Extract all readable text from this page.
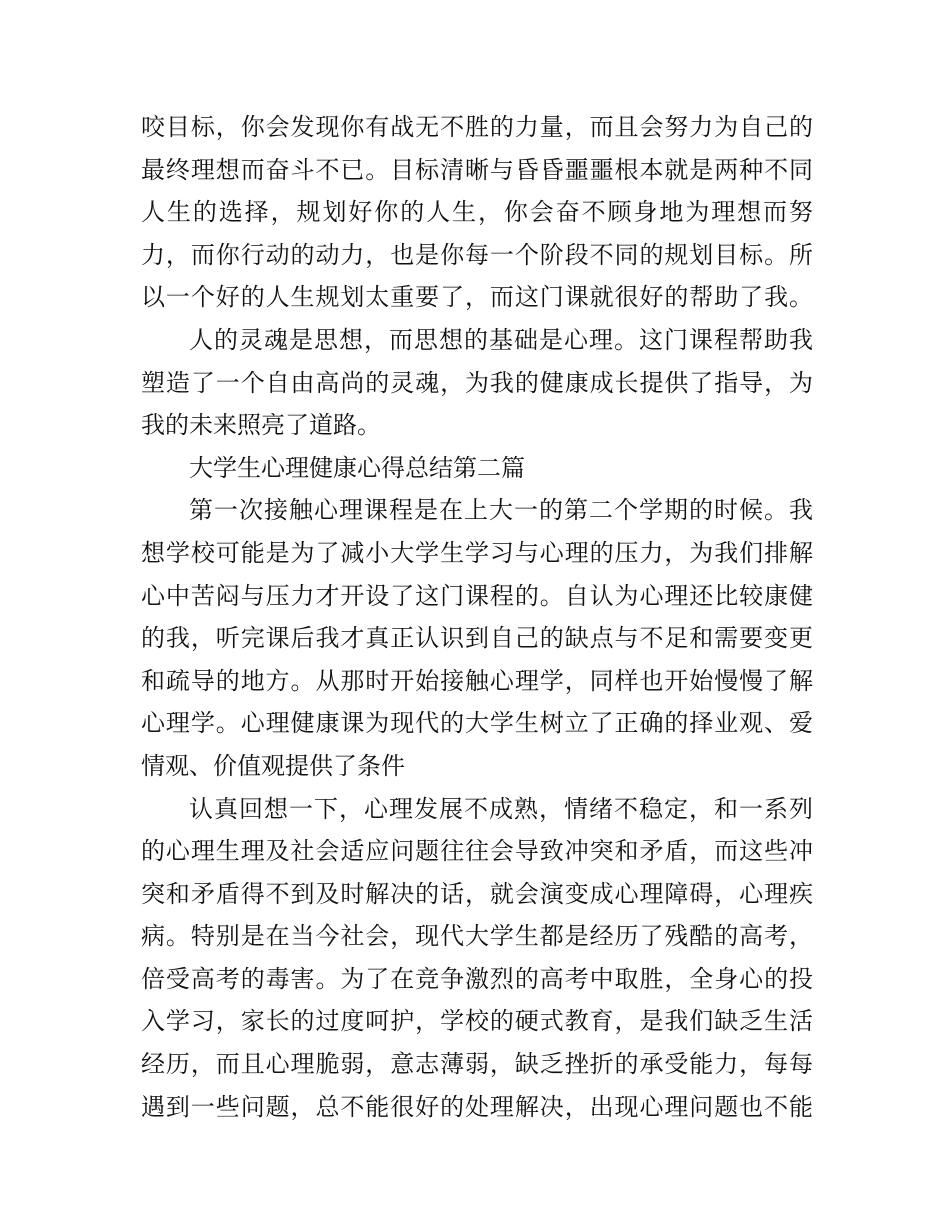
咬目标，你会发现你有战无不胜的力量，而且会努力为自己的
最终理想而奋斗不已。目标清晰与昏昏噩噩根本就是两种不同
人生的选择，规划好你的人生，你会奋不顾身地为理想而努
力，而你行动的动力，也是你每一个阶段不同的规划目标。所
以一个好的人生规划太重要了，而这门课就很好的帮助了我。
人的灵魂是思想，而思想的基础是心理。这门课程帮助我
塑造了一个自由高尚的灵魂，为我的健康成长提供了指导，为
我的未来照亮了道路。
大学生心理健康心得总结第二篇
第一次接触心理课程是在上大一的第二个学期的时候。我
想学校可能是为了减小大学生学习与心理的压力，为我们排解
心中苦闷与压力才开设了这门课程的。自认为心理还比较康健
的我，听完课后我才真正认识到自己的缺点与不足和需要变更
和疏导的地方。从那时开始接触心理学，同样也开始慢慢了解
心理学。心理健康课为现代的大学生树立了正确的择业观、爱
情观、价值观提供了条件
认真回想一下，心理发展不成熟，情绪不稳定，和一系列
的心理生理及社会适应问题往往会导致冲突和矛盾，而这些冲
突和矛盾得不到及时解决的话，就会演变成心理障碍，心理疾
病。特别是在当今社会，现代大学生都是经历了残酷的高考，
倍受高考的毒害。为了在竞争激烈的高考中取胜，全身心的投
入学习，家长的过度呵护，学校的硬式教育，是我们缺乏生活
经历，而且心理脆弱，意志薄弱，缺乏挫折的承受能力，每每
遇到一些问题，总不能很好的处理解决，出现心理问题也不能
